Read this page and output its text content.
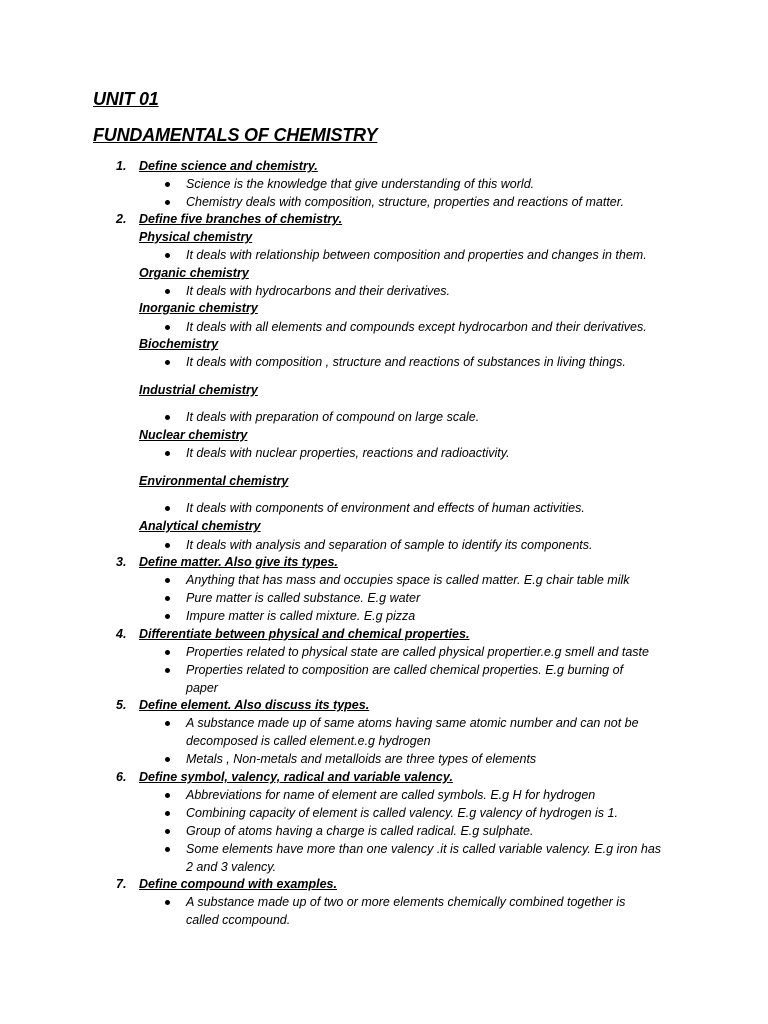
UNIT 01
FUNDAMENTALS OF CHEMISTRY
1. Define science and chemistry.
Science is the knowledge that give understanding of this world.
Chemistry deals with composition, structure, properties and reactions of matter.
2. Define five branches of chemistry.
Physical chemistry
It deals with relationship between composition and properties and changes in them.
Organic chemistry
It deals with hydrocarbons and their derivatives.
Inorganic chemistry
It deals with all elements and compounds except hydrocarbon and their derivatives.
Biochemistry
It deals with composition , structure and reactions of substances in living things.
Industrial chemistry
It deals with preparation of compound on large scale.
Nuclear chemistry
It deals with nuclear properties, reactions and radioactivity.
Environmental chemistry
It deals with components of environment and effects of human activities.
Analytical chemistry
It deals with analysis and separation of sample to identify its components.
3. Define matter. Also give its types.
Anything that has mass and occupies space is called matter. E.g chair table milk
Pure matter is called substance. E.g water
Impure matter is called mixture. E.g pizza
4. Differentiate between physical and chemical properties.
Properties related to physical state are called physical propertier.e.g smell and taste
Properties related to composition are called chemical properties. E.g burning of
paper
5. Define element. Also discuss its types.
A substance made up of same atoms having same atomic number and can not be
decomposed is called element.e.g hydrogen
Metals , Non-metals and metalloids are three types of elements
6. Define symbol, valency, radical and variable valency.
Abbreviations for name of element are called symbols. E.g H for hydrogen
Combining capacity of element is called valency. E.g valency of hydrogen is 1.
Group of atoms having a charge is called radical. E.g sulphate.
Some elements have more than one valency .it is called variable valency. E.g iron has
2 and 3 valency.
7. Define compound with examples.
A substance made up of two or more elements chemically combined together is
called ccompound.
